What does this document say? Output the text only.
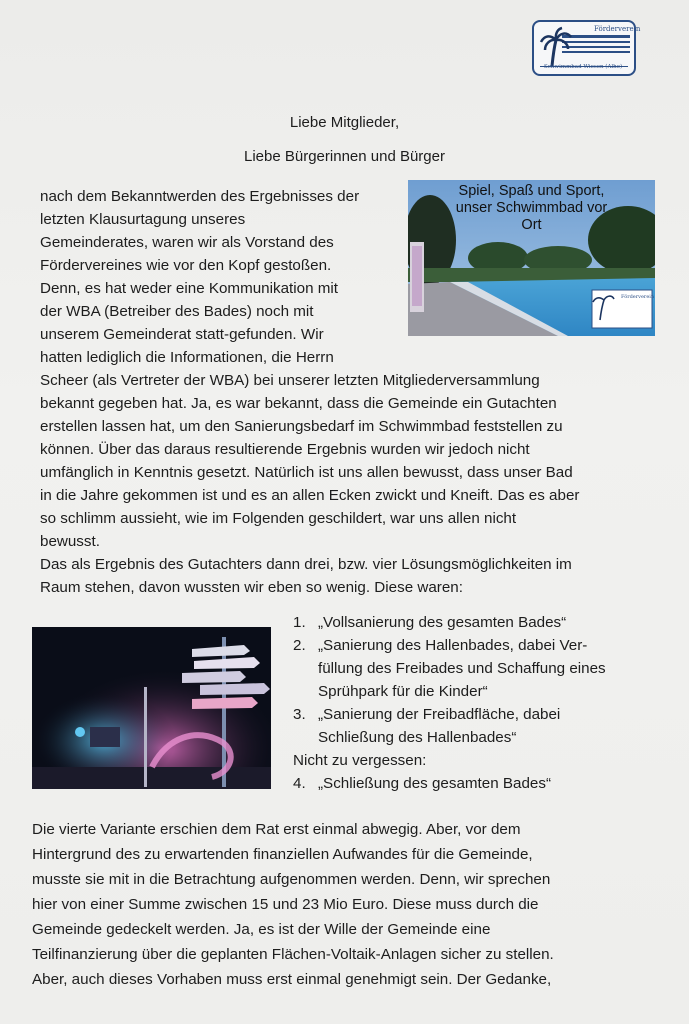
Förderverein
Schwimmbad Wiesen (Alhe)
Liebe Mitglieder,
Liebe Bürgerinnen und Bürger
Spiel, Spaß und Sport,
unser Schwimmbad vor
Ort
Förderverein
nach dem Bekanntwerden des Ergebnisses der
letzten Klausurtagung unseres
Gemeinderates, waren wir als Vorstand des
Fördervereines wie vor den Kopf gestoßen.
Denn, es hat weder eine Kommunikation mit
der WBA (Betreiber des Bades) noch mit
unserem Gemeinderat statt-gefunden. Wir
hatten lediglich die Informationen, die Herrn
Scheer (als Vertreter der WBA) bei unserer letzten Mitgliederversammlung
bekannt gegeben hat. Ja, es war bekannt, dass die Gemeinde ein Gutachten
erstellen lassen hat, um den Sanierungsbedarf im Schwimmbad feststellen zu
können. Über das daraus resultierende Ergebnis wurden wir jedoch nicht
umfänglich in Kenntnis gesetzt. Natürlich ist uns allen bewusst, dass unser Bad
in die Jahre gekommen ist und es an allen Ecken zwickt und Kneift. Das es aber
so schlimm aussieht, wie im Folgenden geschildert, war uns allen nicht
bewusst.
Das als Ergebnis des Gutachters dann drei, bzw. vier Lösungsmöglichkeiten im
Raum stehen, davon wussten wir eben so wenig. Diese waren:
1. „Vollsanierung des gesamten Bades“
2. „Sanierung des Hallenbades, dabei Ver-
füllung des Freibades und Schaffung eines
Sprühpark für die Kinder“
3. „Sanierung der Freibadfläche, dabei
Schließung des Hallenbades“
Nicht zu vergessen:
4. „Schließung des gesamten Bades“
Die vierte Variante erschien dem Rat erst einmal abwegig. Aber, vor dem
Hintergrund des zu erwartenden finanziellen Aufwandes für die Gemeinde,
musste sie mit in die Betrachtung aufgenommen werden. Denn, wir sprechen
hier von einer Summe zwischen 15 und 23 Mio Euro. Diese muss durch die
Gemeinde gedeckelt werden. Ja, es ist der Wille der Gemeinde eine
Teilfinanzierung über die geplanten Flächen-Voltaik-Anlagen sicher zu stellen.
Aber, auch dieses Vorhaben muss erst einmal genehmigt sein. Der Gedanke,
